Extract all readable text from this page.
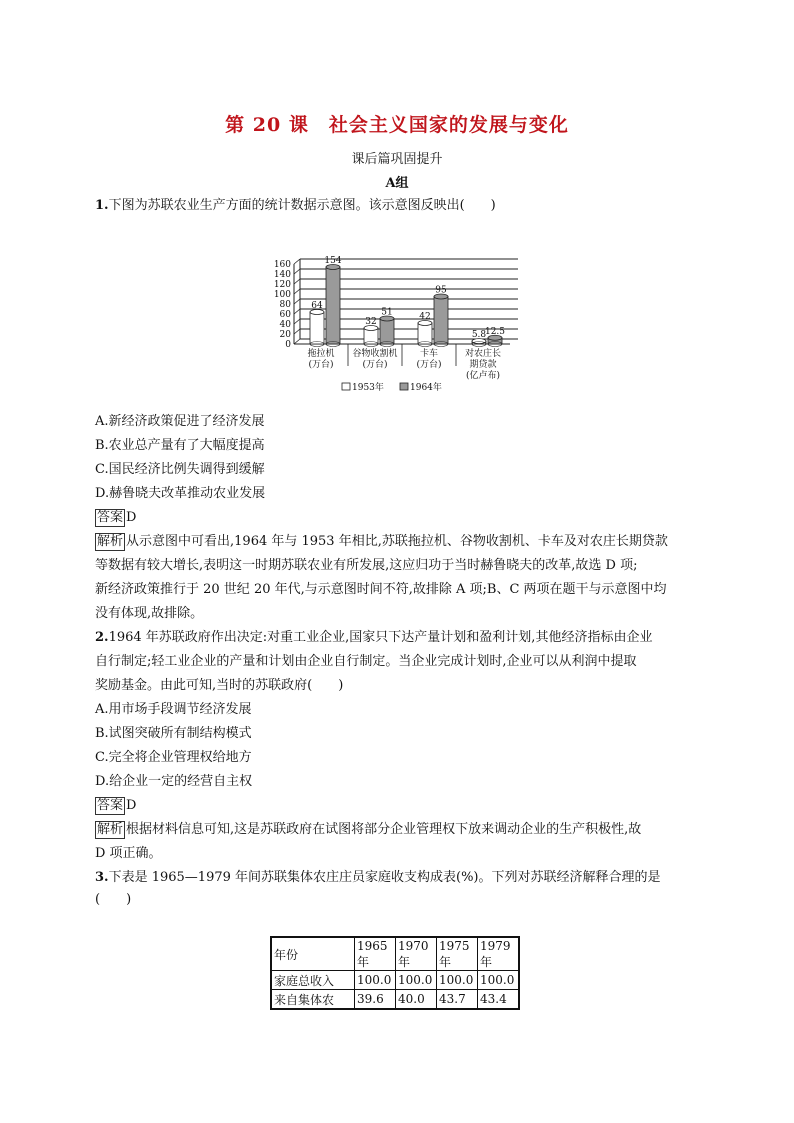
第 20 课　社会主义国家的发展与变化
课后篇巩固提升
A组
1.下图为苏联农业生产方面的统计数据示意图。该示意图反映出(　　)
0
20
40
60
80
100
120
140
160
64
154
拖拉机
(万台)
32
51
谷物收割机
(万台)
42
95
卡车
(万台)
5.8
12.5
对农庄长
期贷款
(亿卢布)
1953年	1964年
A.新经济政策促进了经济发展
B.农业总产量有了大幅度提高
C.国民经济比例失调得到缓解
D.赫鲁晓夫改革推动农业发展
答案 D
解析 从示意图中可看出,1964 年与 1953 年相比,苏联拖拉机、谷物收割机、卡车及对农庄长期贷款
等数据有较大增长,表明这一时期苏联农业有所发展,这应归功于当时赫鲁晓夫的改革,故选 D 项;
新经济政策推行于 20 世纪 20 年代,与示意图时间不符,故排除 A 项;B、C 两项在题干与示意图中均
没有体现,故排除。
2.1964 年苏联政府作出决定:对重工业企业,国家只下达产量计划和盈利计划,其他经济指标由企业
自行制定;轻工业企业的产量和计划由企业自行制定。当企业完成计划时,企业可以从利润中提取
奖励基金。由此可知,当时的苏联政府(　　)
A.用市场手段调节经济发展
B.试图突破所有制结构模式
C.完全将企业管理权给地方
D.给企业一定的经营自主权
答案 D
解析 根据材料信息可知,这是苏联政府在试图将部分企业管理权下放来调动企业的生产积极性,故
D 项正确。
3.下表是 1965—1979 年间苏联集体农庄庄员家庭收支构成表(%)。下列对苏联经济解释合理的是
(　　)
年份	1965年	1970年	1975年	1979年
家庭总收入	100.0	100.0	100.0	100.0
来自集体农	39.6	40.0	43.7	43.4
